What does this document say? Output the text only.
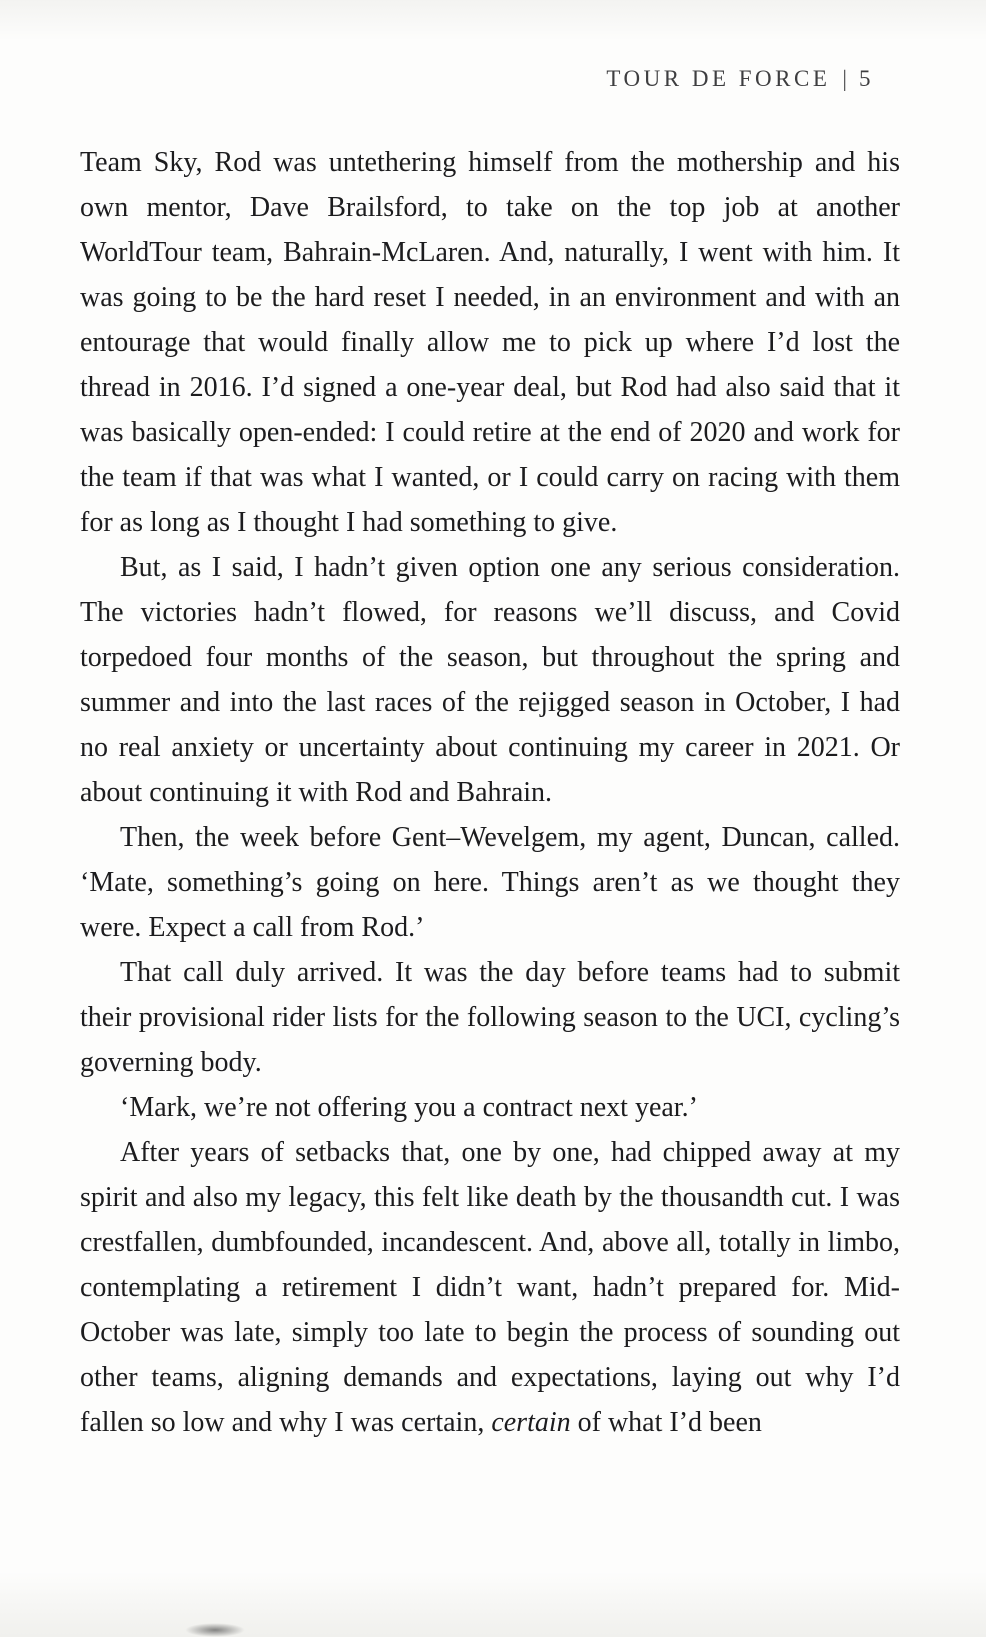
TOUR DE FORCE | 5

Team Sky, Rod was untethering himself from the mothership and his own mentor, Dave Brailsford, to take on the top job at another WorldTour team, Bahrain-McLaren. And, naturally, I went with him. It was going to be the hard reset I needed, in an environment and with an entourage that would finally allow me to pick up where I’d lost the thread in 2016. I’d signed a one-year deal, but Rod had also said that it was basically open-ended: I could retire at the end of 2020 and work for the team if that was what I wanted, or I could carry on racing with them for as long as I thought I had something to give.

But, as I said, I hadn’t given option one any serious consideration. The victories hadn’t flowed, for reasons we’ll discuss, and Covid torpedoed four months of the season, but throughout the spring and summer and into the last races of the rejigged season in October, I had no real anxiety or uncertainty about continuing my career in 2021. Or about continuing it with Rod and Bahrain.

Then, the week before Gent–Wevelgem, my agent, Duncan, called. ‘Mate, something’s going on here. Things aren’t as we thought they were. Expect a call from Rod.’

That call duly arrived. It was the day before teams had to submit their provisional rider lists for the following season to the UCI, cycling’s governing body.

‘Mark, we’re not offering you a contract next year.’

After years of setbacks that, one by one, had chipped away at my spirit and also my legacy, this felt like death by the thousandth cut. I was crestfallen, dumbfounded, incandescent. And, above all, totally in limbo, contemplating a retirement I didn’t want, hadn’t prepared for. Mid-October was late, simply too late to begin the process of sounding out other teams, aligning demands and expectations, laying out why I’d fallen so low and why I was certain, certain of what I’d been
